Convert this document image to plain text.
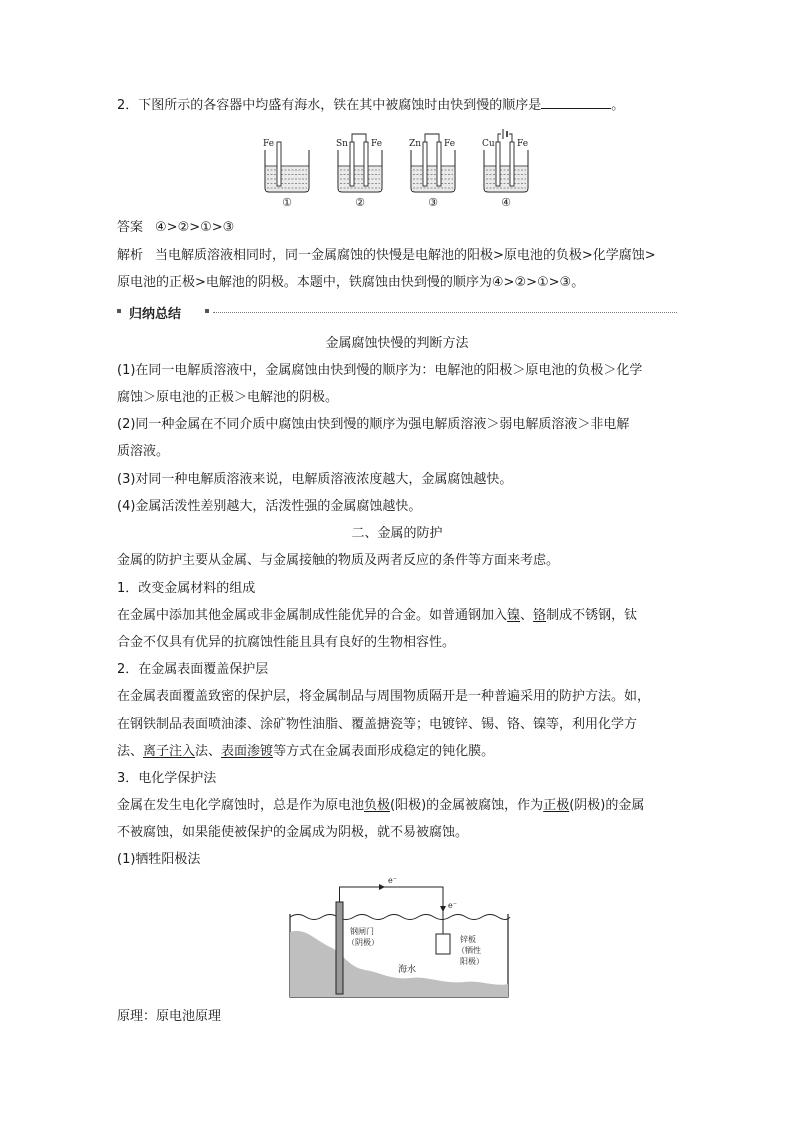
2．下图所示的各容器中均盛有海水，铁在其中被腐蚀时由快到慢的顺序是	。
Fe
①
Sn	Fe
②
Zn	Fe
③
Cu Fe
④
答案 ④>②>①>③
解析 当电解质溶液相同时，同一金属腐蚀的快慢是电解池的阳极>原电池的负极>化学腐蚀>
原电池的正极>电解池的阴极。本题中，铁腐蚀由快到慢的顺序为④>②>①>③。
归纳总结
金属腐蚀快慢的判断方法
(1)在同一电解质溶液中，金属腐蚀由快到慢的顺序为：电解池的阳极＞原电池的负极＞化学
腐蚀＞原电池的正极＞电解池的阴极。
(2)同一种金属在不同介质中腐蚀由快到慢的顺序为强电解质溶液＞弱电解质溶液＞非电解
质溶液。
(3)对同一种电解质溶液来说，电解质溶液浓度越大，金属腐蚀越快。
(4)金属活泼性差别越大，活泼性强的金属腐蚀越快。
二、金属的防护
金属的防护主要从金属、与金属接触的物质及两者反应的条件等方面来考虑。
1．改变金属材料的组成
在金属中添加其他金属或非金属制成性能优异的合金。如普通钢加入镍、铬制成不锈钢，钛
合金不仅具有优异的抗腐蚀性能且具有良好的生物相容性。
2．在金属表面覆盖保护层
在金属表面覆盖致密的保护层，将金属制品与周围物质隔开是一种普遍采用的防护方法。如，
在钢铁制品表面喷油漆、涂矿物性油脂、覆盖搪瓷等；电镀锌、锡、铬、镍等，利用化学方
法、离子注入法、表面渗镀等方式在金属表面形成稳定的钝化膜。
3．电化学保护法
金属在发生电化学腐蚀时，总是作为原电池负极(阳极)的金属被腐蚀，作为正极(阴极)的金属
不被腐蚀，如果能使被保护的金属成为阴极，就不易被腐蚀。
(1)牺牲阳极法
e⁻
e⁻
钢闸门
（阴极）	锌板
（牺性
阳极）
海水
原理：原电池原理
